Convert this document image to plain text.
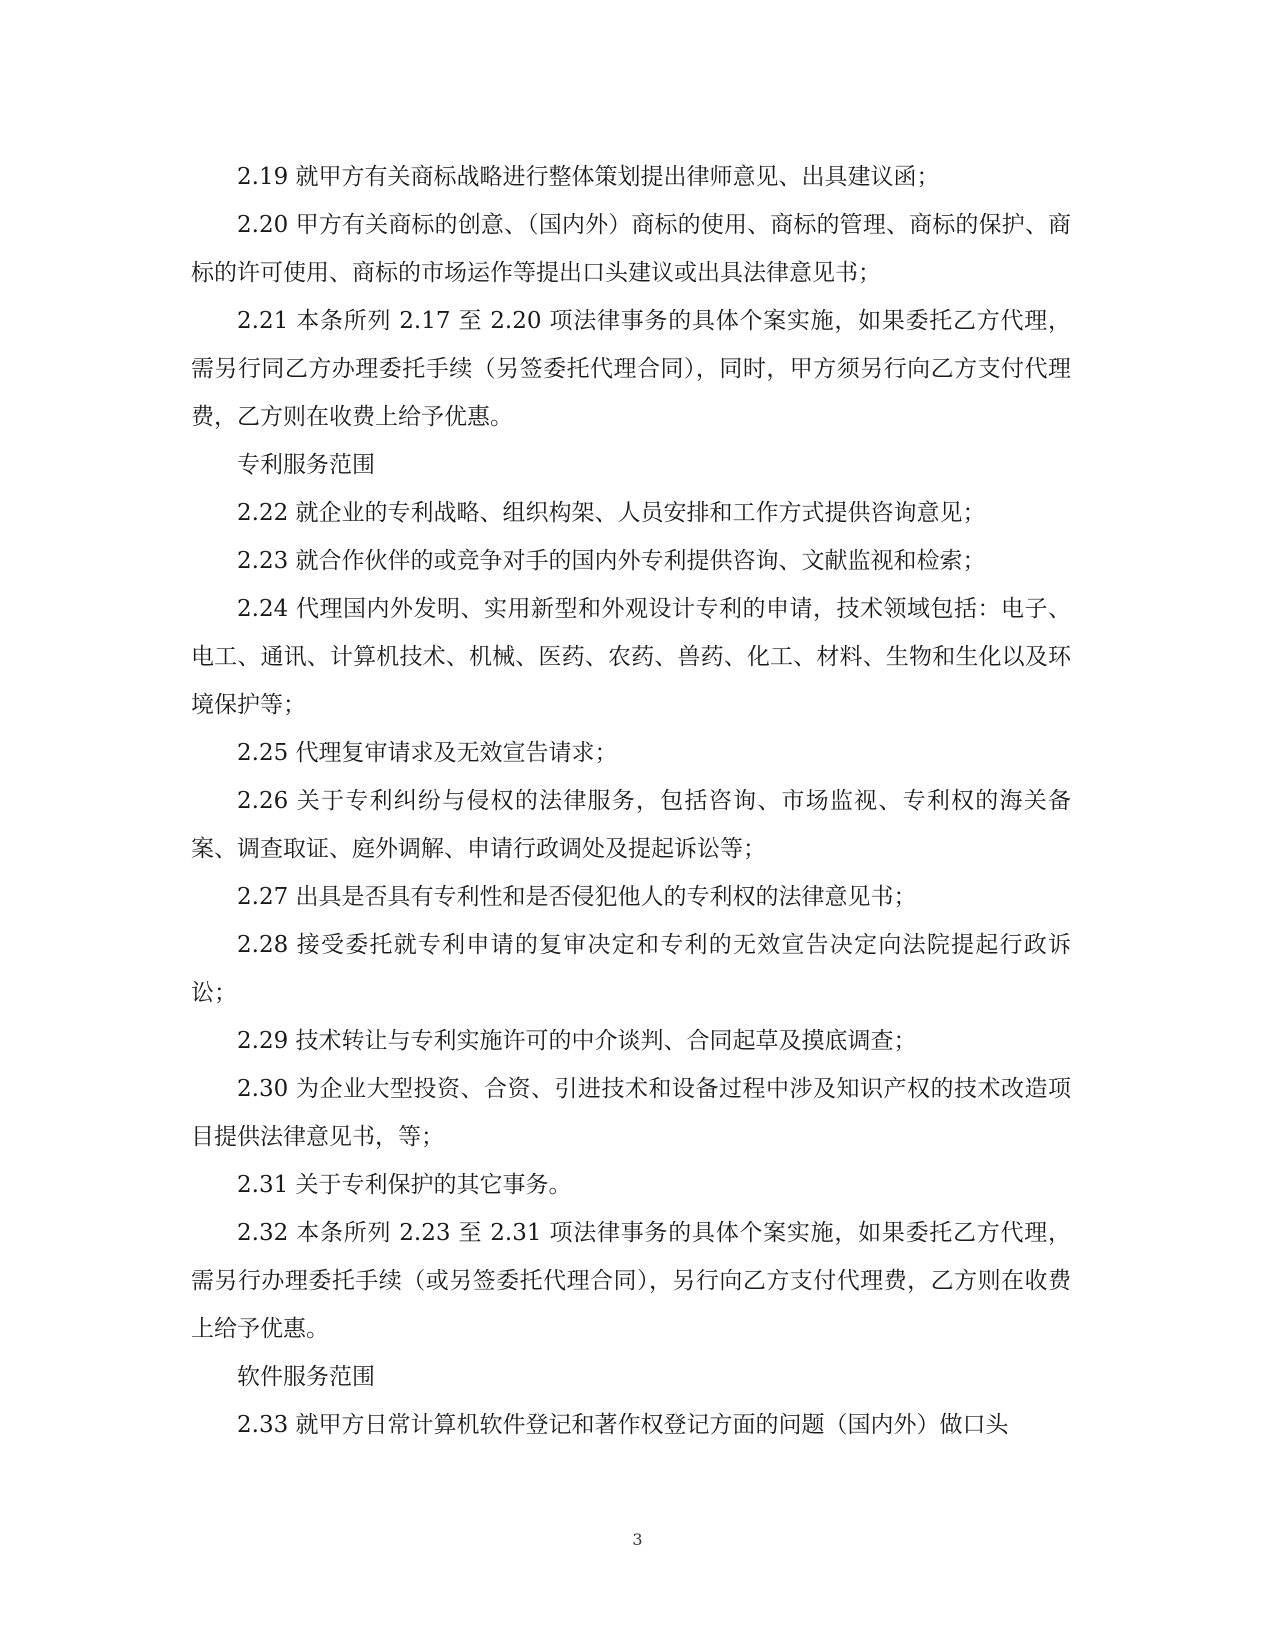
2.19 就甲方有关商标战略进行整体策划提出律师意见、出具建议函；

2.20 甲方有关商标的创意、（国内外）商标的使用、商标的管理、商标的保护、商标的许可使用、商标的市场运作等提出口头建议或出具法律意见书；

2.21 本条所列 2.17 至 2.20 项法律事务的具体个案实施，如果委托乙方代理，需另行同乙方办理委托手续（另签委托代理合同），同时，甲方须另行向乙方支付代理费，乙方则在收费上给予优惠。

专利服务范围

2.22 就企业的专利战略、组织构架、人员安排和工作方式提供咨询意见；

2.23 就合作伙伴的或竞争对手的国内外专利提供咨询、文献监视和检索；

2.24 代理国内外发明、实用新型和外观设计专利的申请，技术领域包括：电子、电工、通讯、计算机技术、机械、医药、农药、兽药、化工、材料、生物和生化以及环境保护等；

2.25 代理复审请求及无效宣告请求；

2.26 关于专利纠纷与侵权的法律服务，包括咨询、市场监视、专利权的海关备案、调查取证、庭外调解、申请行政调处及提起诉讼等；

2.27 出具是否具有专利性和是否侵犯他人的专利权的法律意见书；

2.28 接受委托就专利申请的复审决定和专利的无效宣告决定向法院提起行政诉讼；

2.29 技术转让与专利实施许可的中介谈判、合同起草及摸底调查；

2.30 为企业大型投资、合资、引进技术和设备过程中涉及知识产权的技术改造项目提供法律意见书，等；

2.31 关于专利保护的其它事务。

2.32 本条所列 2.23 至 2.31 项法律事务的具体个案实施，如果委托乙方代理，需另行办理委托手续（或另签委托代理合同），另行向乙方支付代理费，乙方则在收费上给予优惠。

软件服务范围

2.33 就甲方日常计算机软件登记和著作权登记方面的问题（国内外）做口头

3
